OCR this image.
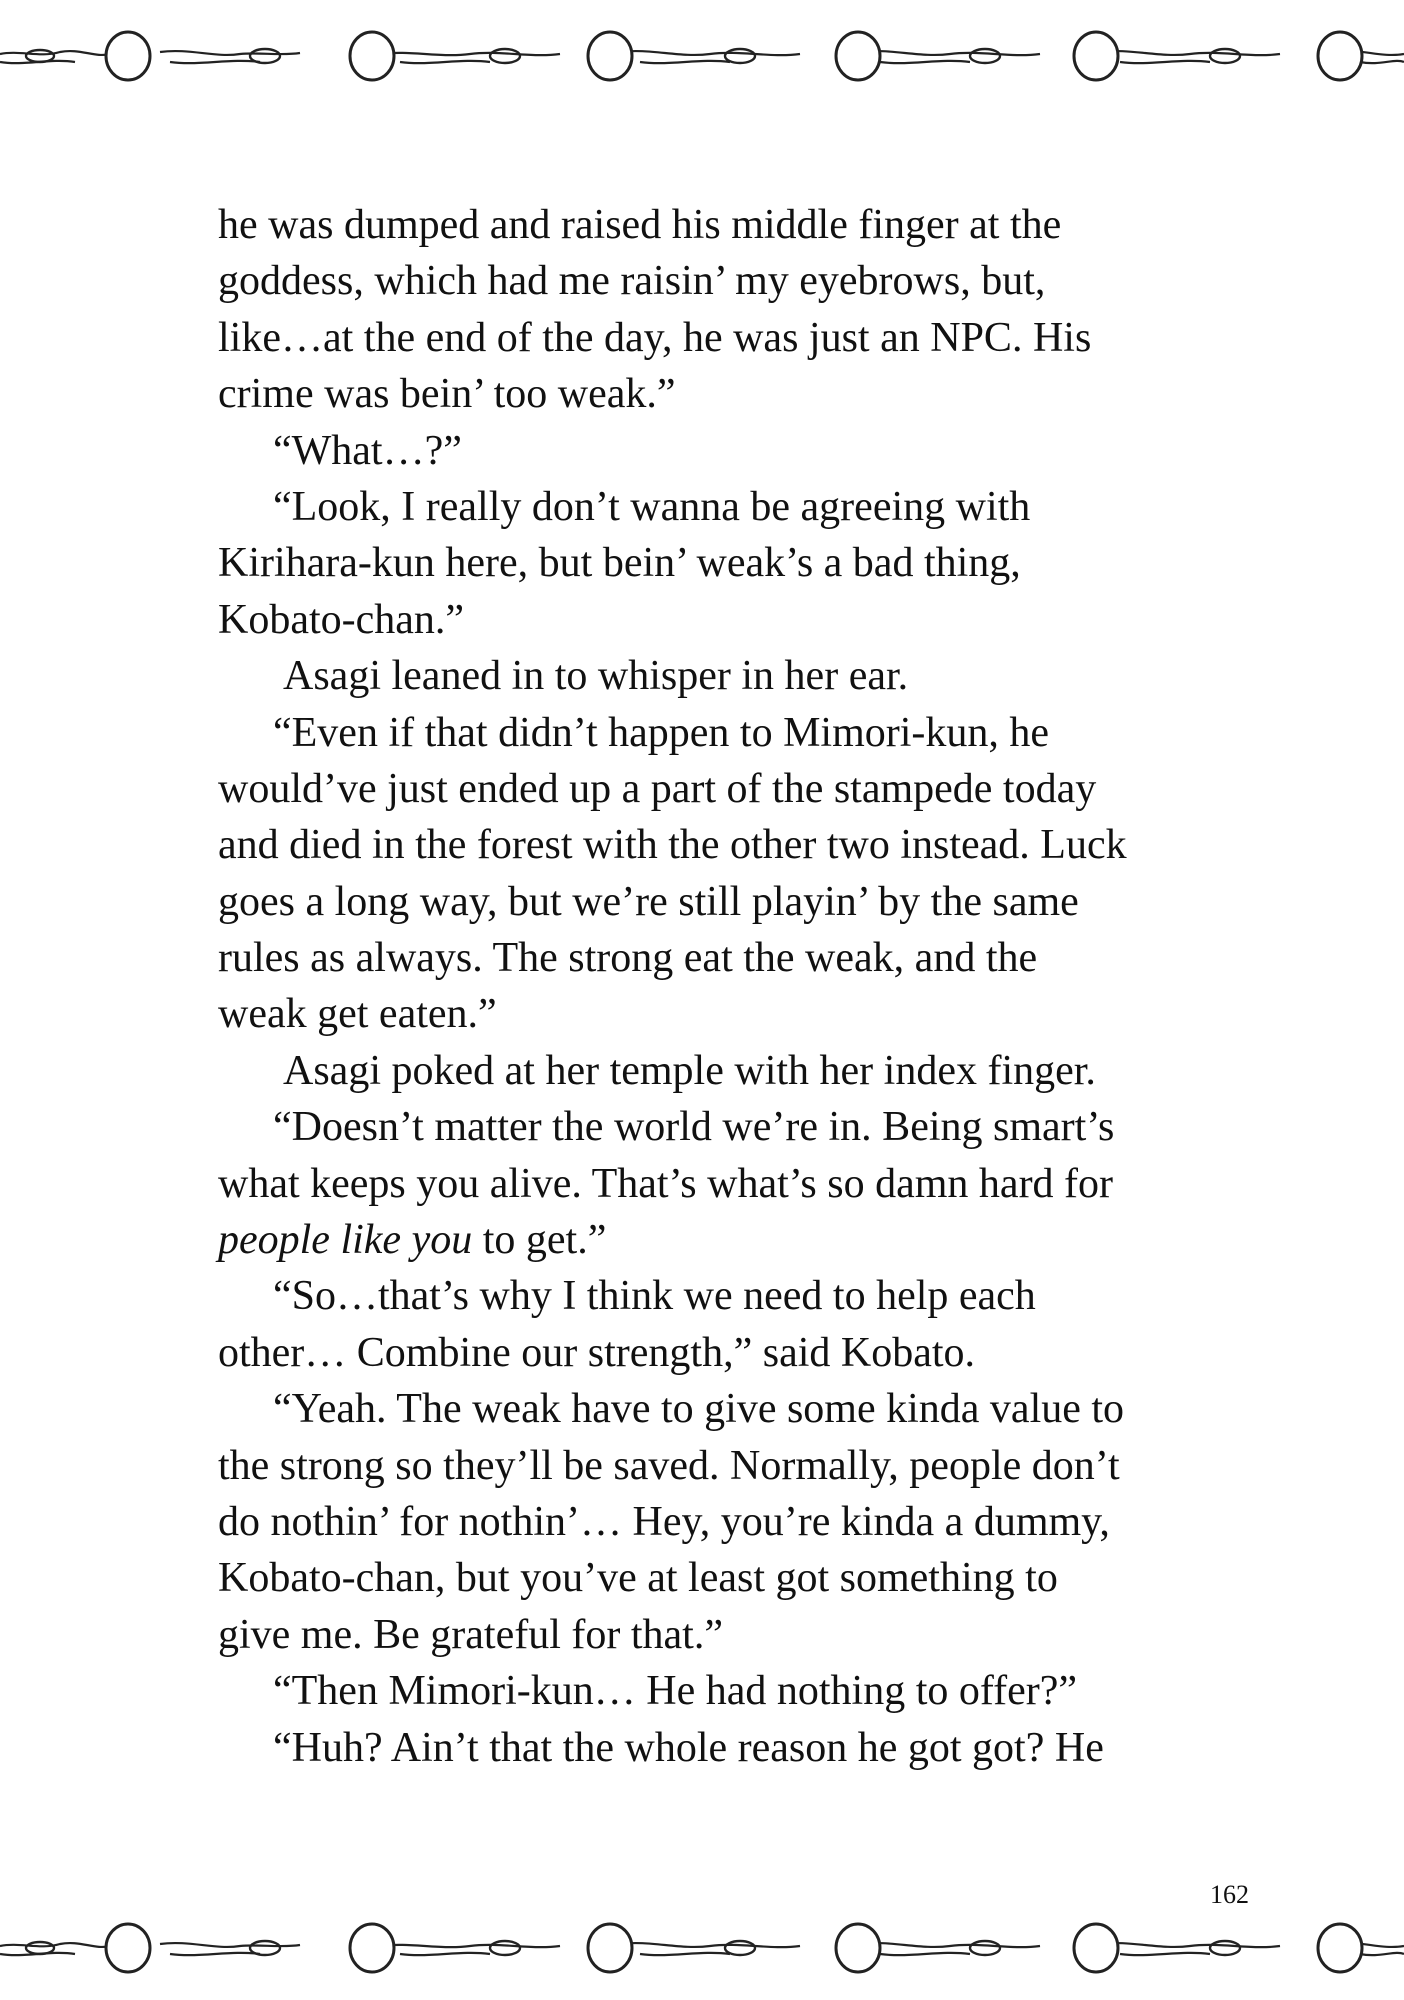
he was dumped and raised his middle finger at the
goddess, which had me raisin’ my eyebrows, but,
like…at the end of the day, he was just an NPC. His
crime was bein’ too weak.”
“What…?”
“Look, I really don’t wanna be agreeing with
Kirihara-kun here, but bein’ weak’s a bad thing,
Kobato-chan.”
Asagi leaned in to whisper in her ear.
“Even if that didn’t happen to Mimori-kun, he
would’ve just ended up a part of the stampede today
and died in the forest with the other two instead. Luck
goes a long way, but we’re still playin’ by the same
rules as always. The strong eat the weak, and the
weak get eaten.”
Asagi poked at her temple with her index finger.
“Doesn’t matter the world we’re in. Being smart’s
what keeps you alive. That’s what’s so damn hard for
people like you to get.”
“So…that’s why I think we need to help each
other… Combine our strength,” said Kobato.
“Yeah. The weak have to give some kinda value to
the strong so they’ll be saved. Normally, people don’t
do nothin’ for nothin’… Hey, you’re kinda a dummy,
Kobato-chan, but you’ve at least got something to
give me. Be grateful for that.”
“Then Mimori-kun… He had nothing to offer?”
“Huh? Ain’t that the whole reason he got got? He
162
